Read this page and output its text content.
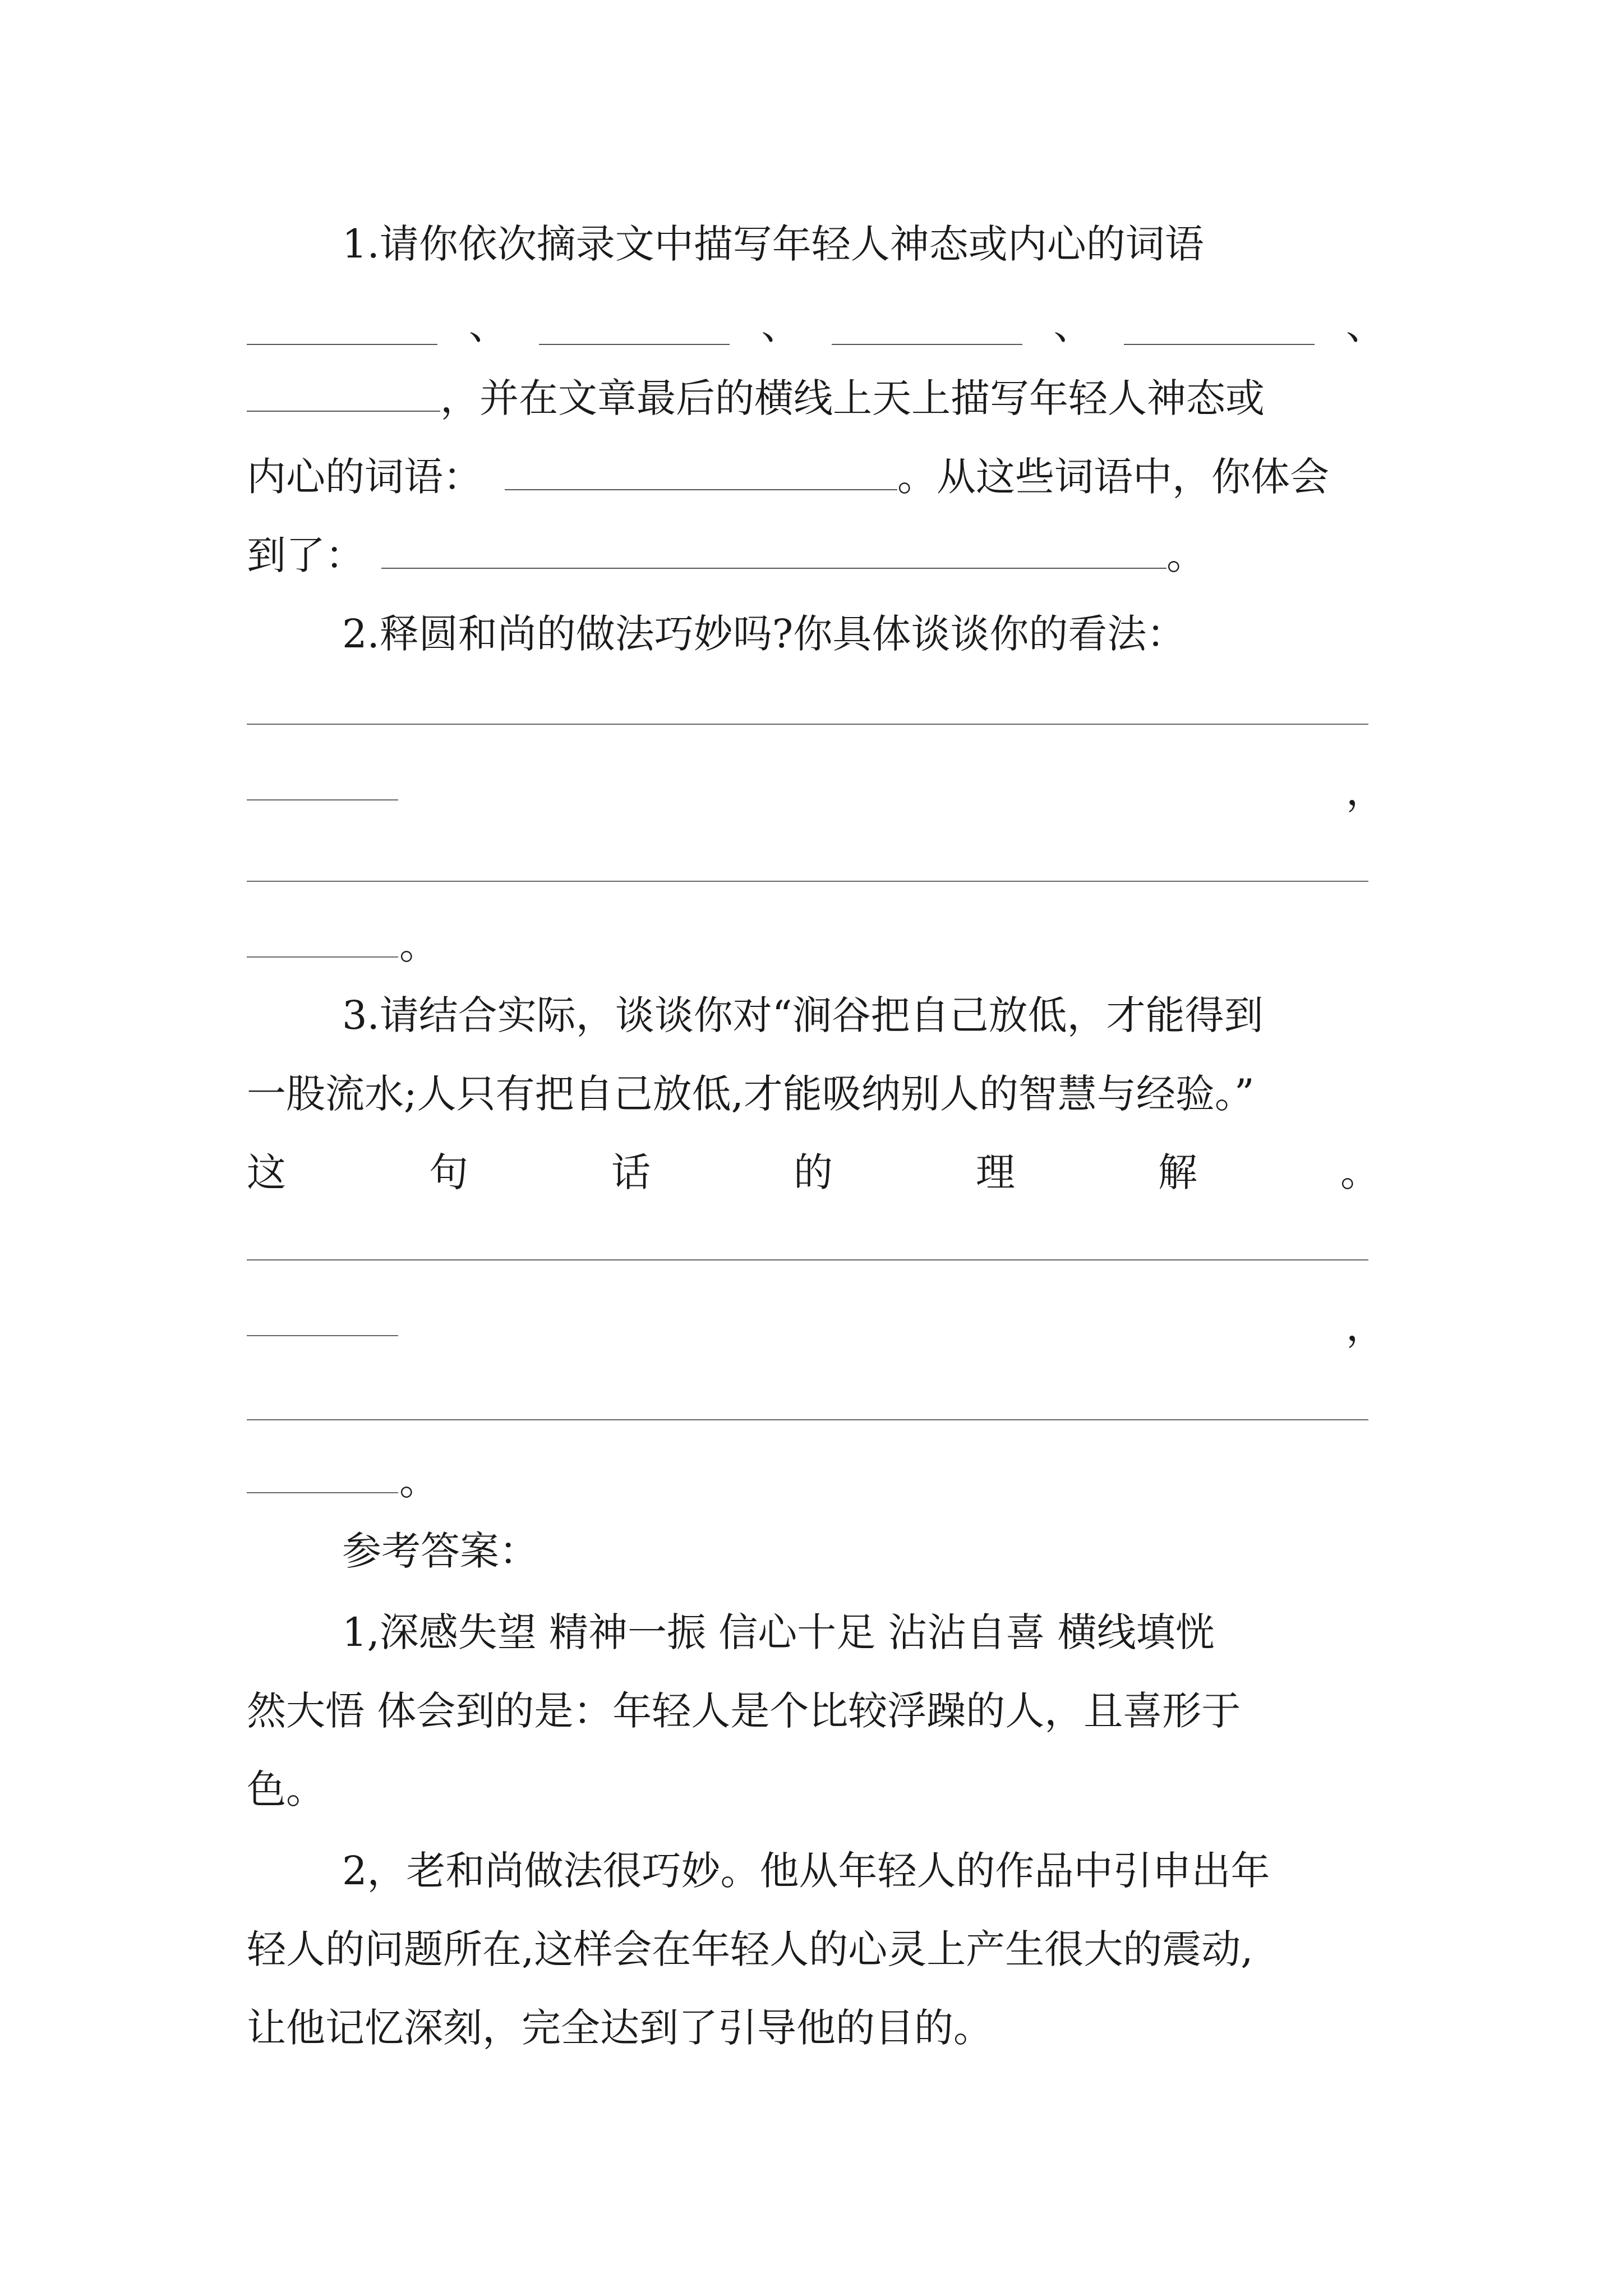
1.请你依次摘录文中描写年轻人神态或内心的词语
、	、	、	、
，并在文章最后的横线上天上描写年轻人神态或
内心的词语：	。从这些词语中，你体会
到了：	。
2.释圆和尚的做法巧妙吗?你具体谈谈你的看法：
，
。
3.请结合实际，谈谈你对“涧谷把自己放低，才能得到
一股流水;人只有把自己放低,才能吸纳别人的智慧与经验。”
这	句	话	的	理	解	。
，
。
参考答案：
1,深感失望 精神一振 信心十足 沾沾自喜 横线填恍
然大悟 体会到的是：年轻人是个比较浮躁的人，且喜形于
色。
2，老和尚做法很巧妙。他从年轻人的作品中引申出年
轻人的问题所在,这样会在年轻人的心灵上产生很大的震动,
让他记忆深刻，完全达到了引导他的目的。
